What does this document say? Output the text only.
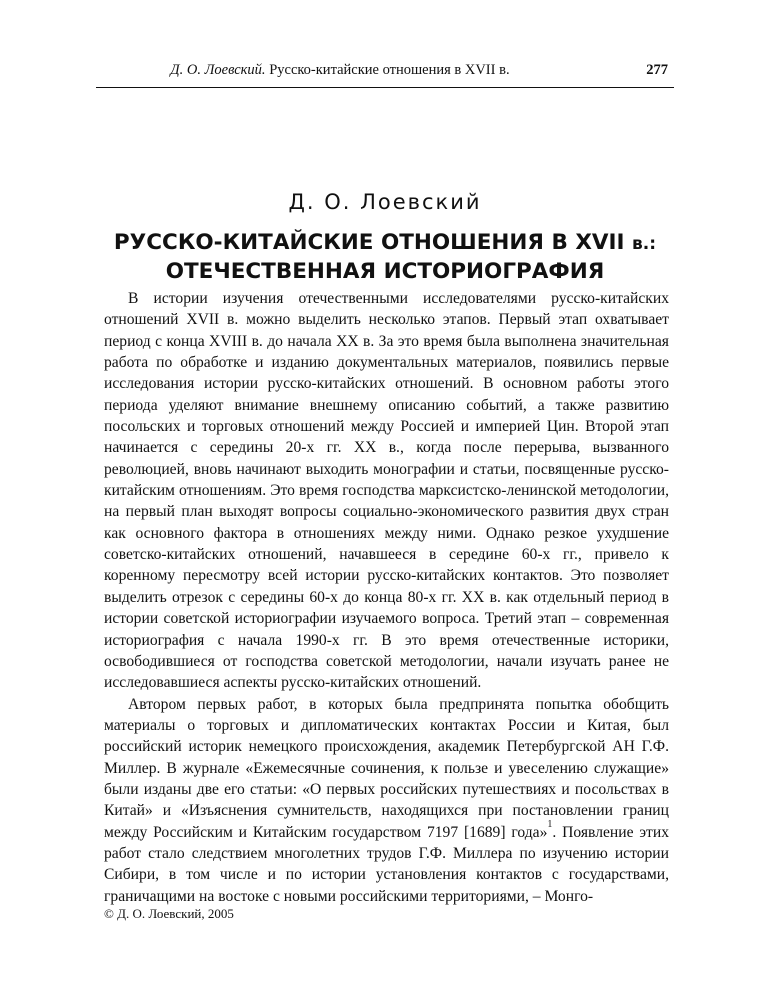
Д. О. Лоевский. Русско-китайские отношения в XVII в.	277
Д. О. Лоевский
РУССКО-КИТАЙСКИЕ ОТНОШЕНИЯ В XVII в.:
ОТЕЧЕСТВЕННАЯ ИСТОРИОГРАФИЯ

В истории изучения отечественными исследователями русско-китайских отношений XVII в. можно выделить несколько этапов. Первый этап охватывает период с конца XVIII в. до начала XX в. За это время была выполнена значительная работа по обработке и изданию документальных материалов, появились первые исследования истории русско-китайских отношений. В основном работы этого периода уделяют внимание внешнему описанию событий, а также развитию посольских и торговых отношений между Россией и империей Цин. Второй этап начинается с середины 20-х гг. XX в., когда после перерыва, вызванного революцией, вновь начинают выходить монографии и статьи, посвященные русско-китайским отношениям. Это время господства марксистско-ленинской методологии, на первый план выходят вопросы социально-экономического развития двух стран как основного фактора в отношениях между ними. Однако резкое ухудшение советско-китайских отношений, начавшееся в середине 60-х гг., привело к коренному пересмотру всей истории русско-китайских контактов. Это позволяет выделить отрезок с середины 60-х до конца 80-х гг. XX в. как отдельный период в истории советской историографии изучаемого вопроса. Третий этап – современная историография с начала 1990-х гг. В это время отечественные историки, освободившиеся от господства советской методологии, начали изучать ранее не исследовавшиеся аспекты русско-китайских отношений.

Автором первых работ, в которых была предпринята попытка обобщить материалы о торговых и дипломатических контактах России и Китая, был российский историк немецкого происхождения, академик Петербургской АН Г.Ф. Миллер. В журнале «Ежемесячные сочинения, к пользе и увеселению служащие» были изданы две его статьи: «О первых российских путешествиях и посольствах в Китай» и «Изъяснения сумнительств, находящихся при постановлении границ между Российским и Китайским государством 7197 [1689] года»$^1$. Появление этих работ стало следствием многолетних трудов Г.Ф. Миллера по изучению истории Сибири, в том числе и по истории установления контактов с государствами, граничащими на востоке с новыми российскими территориями, – Монго-

© Д. О. Лоевский, 2005
